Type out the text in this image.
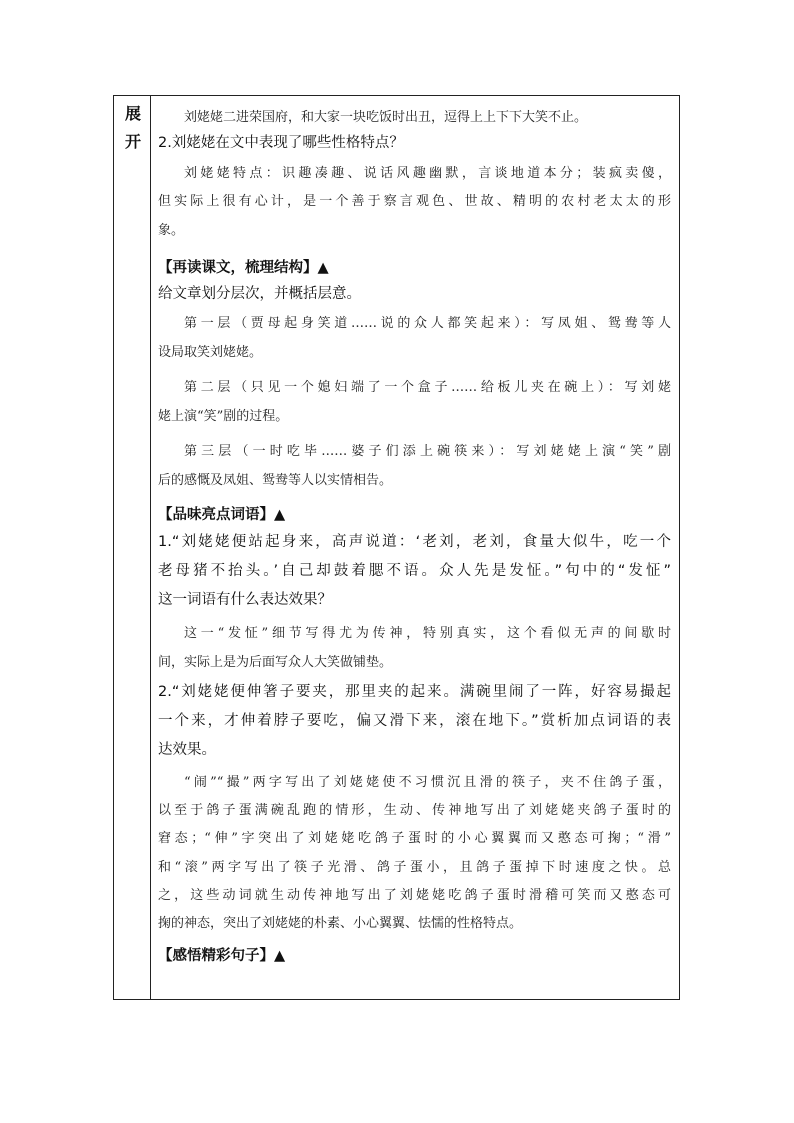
展
开
刘姥姥二进荣国府，和大家一块吃饭时出丑，逗得上上下下大笑不止。
2.刘姥姥在文中表现了哪些性格特点？
刘姥姥特点：识趣凑趣、说话风趣幽默，言谈地道本分；装疯卖傻，
但实际上很有心计，是一个善于察言观色、世故、精明的农村老太太的形
象。
【再读课文，梳理结构】▲
给文章划分层次，并概括层意。
第一层（贾母起身笑道……说的众人都笑起来）：写凤姐、鸳鸯等人
设局取笑刘姥姥。
第二层（只见一个媳妇端了一个盒子……给板儿夹在碗上）：写刘姥
姥上演“笑”剧的过程。
第三层（一时吃毕……婆子们添上碗筷来）：写刘姥姥上演“笑”剧
后的感慨及凤姐、鸳鸯等人以实情相告。
【品味亮点词语】▲
1.“刘姥姥便站起身来，高声说道：‘老刘，老刘，食量大似牛，吃一个
老母猪不抬头。’自己却鼓着腮不语。众人先是发怔。”句中的“发怔”
这一词语有什么表达效果？
这一“发怔”细节写得尤为传神，特别真实，这个看似无声的间歇时
间，实际上是为后面写众人大笑做铺垫。
2.“刘姥姥便伸箸子要夹，那里夹的起来。满碗里闹了一阵，好容易撮起
一个来，才伸着脖子要吃，偏又滑下来，滚在地下。”赏析加点词语的表
达效果。
“闹”“撮”两字写出了刘姥姥使不习惯沉且滑的筷子，夹不住鸽子蛋，
以至于鸽子蛋满碗乱跑的情形，生动、传神地写出了刘姥姥夹鸽子蛋时的
窘态；“伸”字突出了刘姥姥吃鸽子蛋时的小心翼翼而又憨态可掬；“滑”
和“滚”两字写出了筷子光滑、鸽子蛋小，且鸽子蛋掉下时速度之快。总
之，这些动词就生动传神地写出了刘姥姥吃鸽子蛋时滑稽可笑而又憨态可
掬的神态，突出了刘姥姥的朴素、小心翼翼、怯懦的性格特点。
【感悟精彩句子】▲
